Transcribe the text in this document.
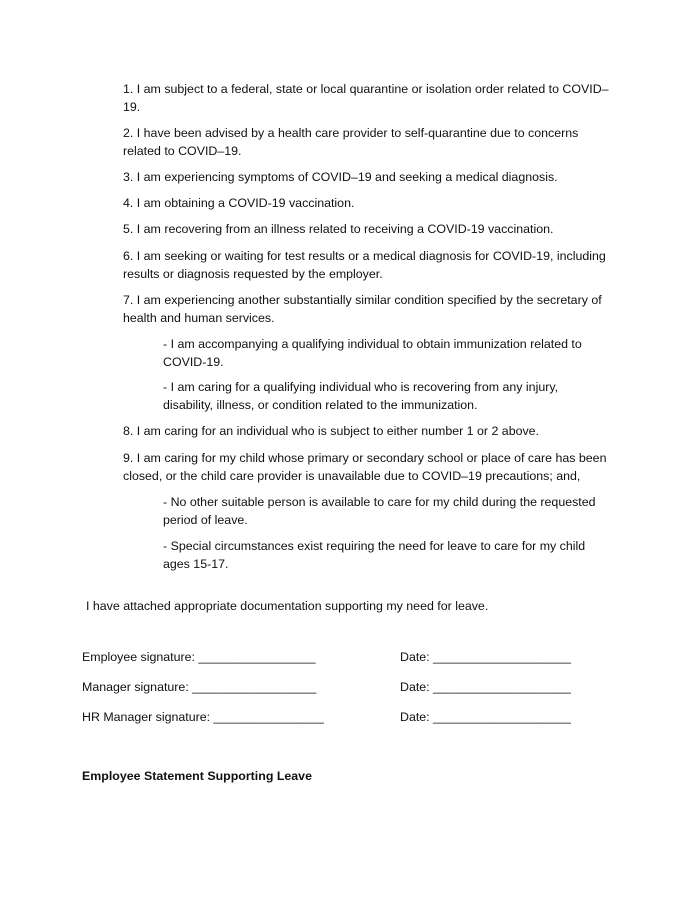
1. I am subject to a federal, state or local quarantine or isolation order related to COVID–19.

2. I have been advised by a health care provider to self-quarantine due to concerns related to COVID–19.

3. I am experiencing symptoms of COVID–19 and seeking a medical diagnosis.

4. I am obtaining a COVID-19 vaccination.

5. I am recovering from an illness related to receiving a COVID-19 vaccination.

6. I am seeking or waiting for test results or a medical diagnosis for COVID-19, including results or diagnosis requested by the employer.

7. I am experiencing another substantially similar condition specified by the secretary of health and human services.

- I am accompanying a qualifying individual to obtain immunization related to COVID-19.

- I am caring for a qualifying individual who is recovering from any injury, disability, illness, or condition related to the immunization.

8. I am caring for an individual who is subject to either number 1 or 2 above.

9. I am caring for my child whose primary or secondary school or place of care has been closed, or the child care provider is unavailable due to COVID–19 precautions; and,

- No other suitable person is available to care for my child during the requested period of leave.

- Special circumstances exist requiring the need for leave to care for my child ages 15-17.

I have attached appropriate documentation supporting my need for leave.

Employee signature: _________________	Date: ____________________

Manager signature: __________________	Date: ____________________

HR Manager signature: ________________	Date: ____________________

Employee Statement Supporting Leave
